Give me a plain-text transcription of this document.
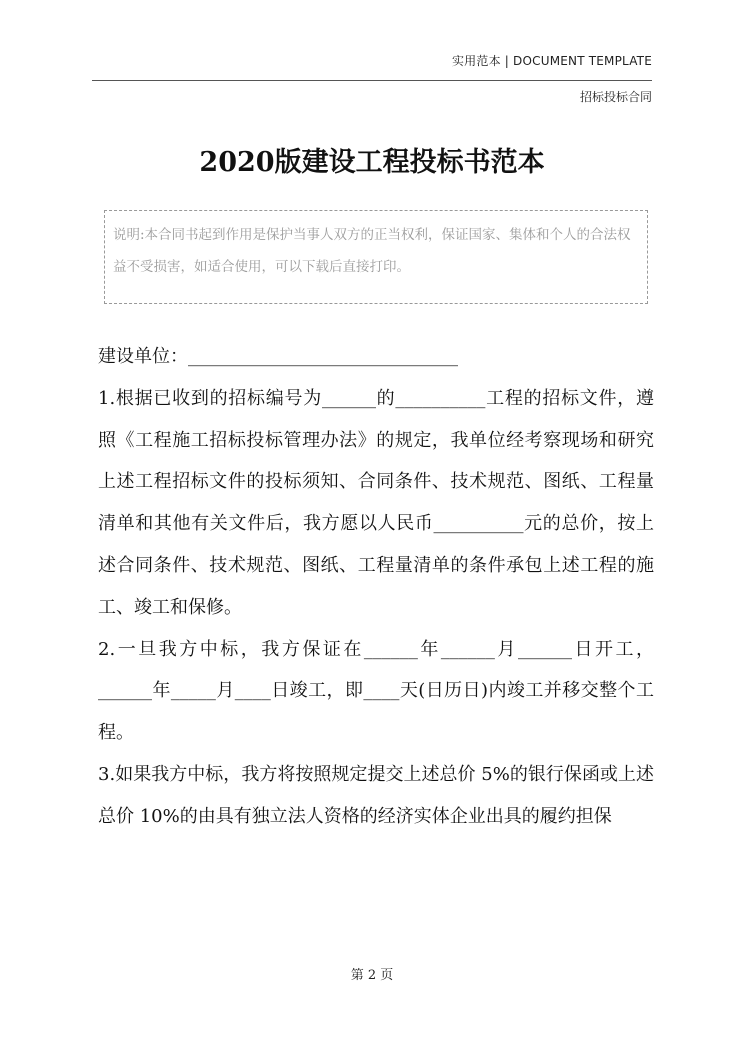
实用范本 | DOCUMENT TEMPLATE
招标投标合同
2020版建设工程投标书范本
说明:本合同书起到作用是保护当事人双方的正当权利，保证国家、集体和个人的合法权益不受损害，如适合使用，可以下载后直接打印。

建设单位：______________________________

1.根据已收到的招标编号为______的__________工程的招标文件，遵照《工程施工招标投标管理办法》的规定，我单位经考察现场和研究上述工程招标文件的投标须知、合同条件、技术规范、图纸、工程量清单和其他有关文件后，我方愿以人民币__________元的总价，按上述合同条件、技术规范、图纸、工程量清单的条件承包上述工程的施工、竣工和保修。

2.一旦我方中标，我方保证在______年______月______日开工，______年_____月____日竣工，即____天(日历日)内竣工并移交整个工程。

3.如果我方中标，我方将按照规定提交上述总价 5%的银行保函或上述总价 10%的由具有独立法人资格的经济实体企业出具的履约担保

第 2 页
